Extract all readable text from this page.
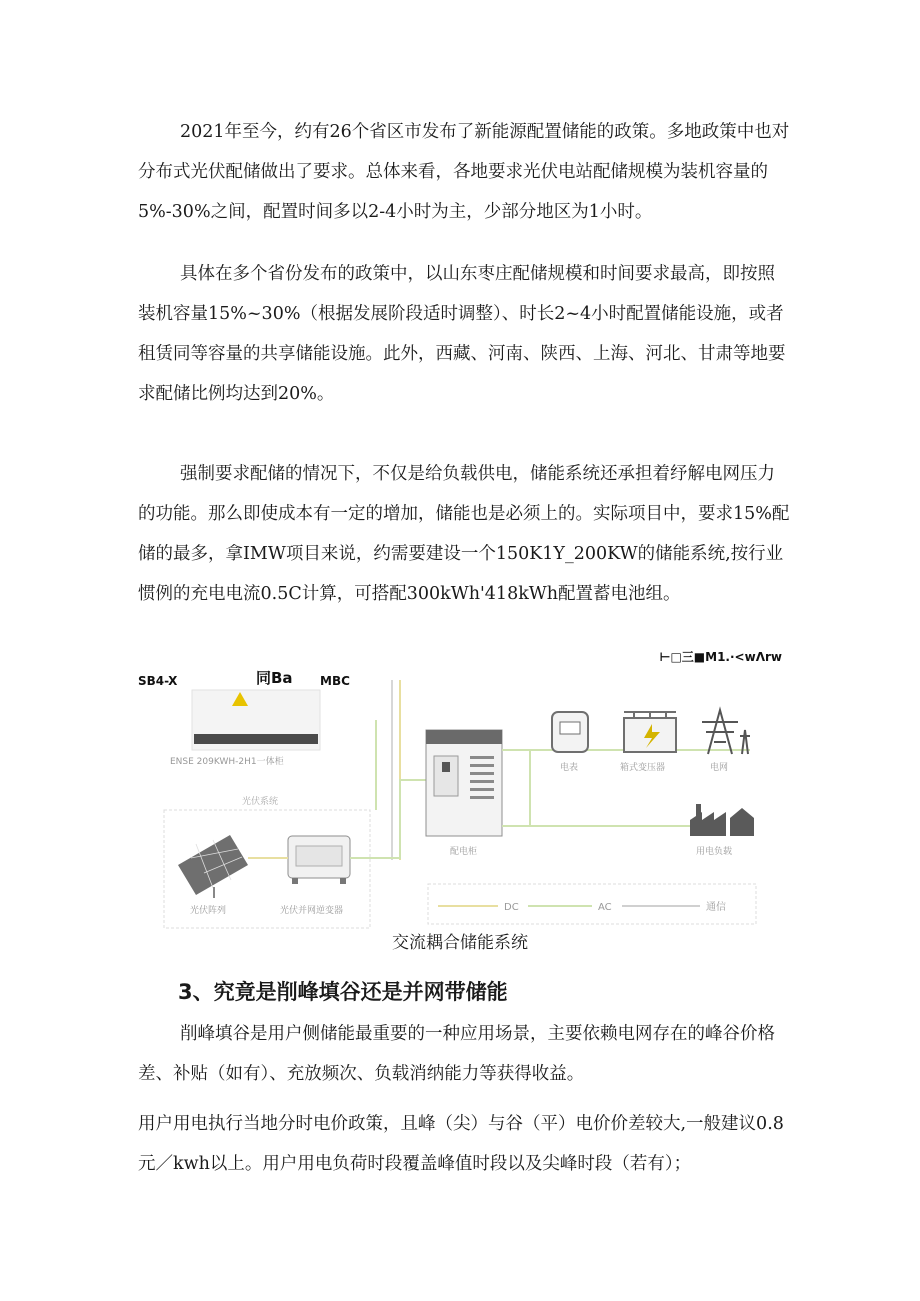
2021年至今，约有26个省区市发布了新能源配置储能的政策。多地政策中也对分布式光伏配储做出了要求。总体来看，各地要求光伏电站配储规模为装机容量的5%-30%之间，配置时间多以2-4小时为主，少部分地区为1小时。

具体在多个省份发布的政策中，以山东枣庄配储规模和时间要求最高，即按照装机容量15%~30%（根据发展阶段适时调整）、时长2~4小时配置储能设施，或者租赁同等容量的共享储能设施。此外，西藏、河南、陕西、上海、河北、甘肃等地要求配储比例均达到20%。

强制要求配储的情况下，不仅是给负载供电，储能系统还承担着纾解电网压力的功能。那么即使成本有一定的增加，储能也是必须上的。实际项目中，要求15%配储的最多，拿IMW项目来说，约需要建设一个150K1Y_200KW的储能系统,按行业惯例的充电电流0.5C计算，可搭配300kWh'418kWh配置蓄电池组。

SB4-X	同Ba MBC
⊢□三■M1.·<wΛrw
ENSE 209KWH-2H1一体柜
光伏系统
光伏阵列	光伏并网逆变器
配电柜
电表	箱式变压器	电网
用电负载
DC	AC	通信
交流耦合储能系统
3、究竟是削峰填谷还是并网带储能

削峰填谷是用户侧储能最重要的一种应用场景，主要依赖电网存在的峰谷价格差、补贴（如有）、充放频次、负载消纳能力等获得收益。

用户用电执行当地分时电价政策，且峰（尖）与谷（平）电价价差较大,一般建议0.8元／kwh以上。用户用电负荷时段覆盖峰值时段以及尖峰时段（若有）；
